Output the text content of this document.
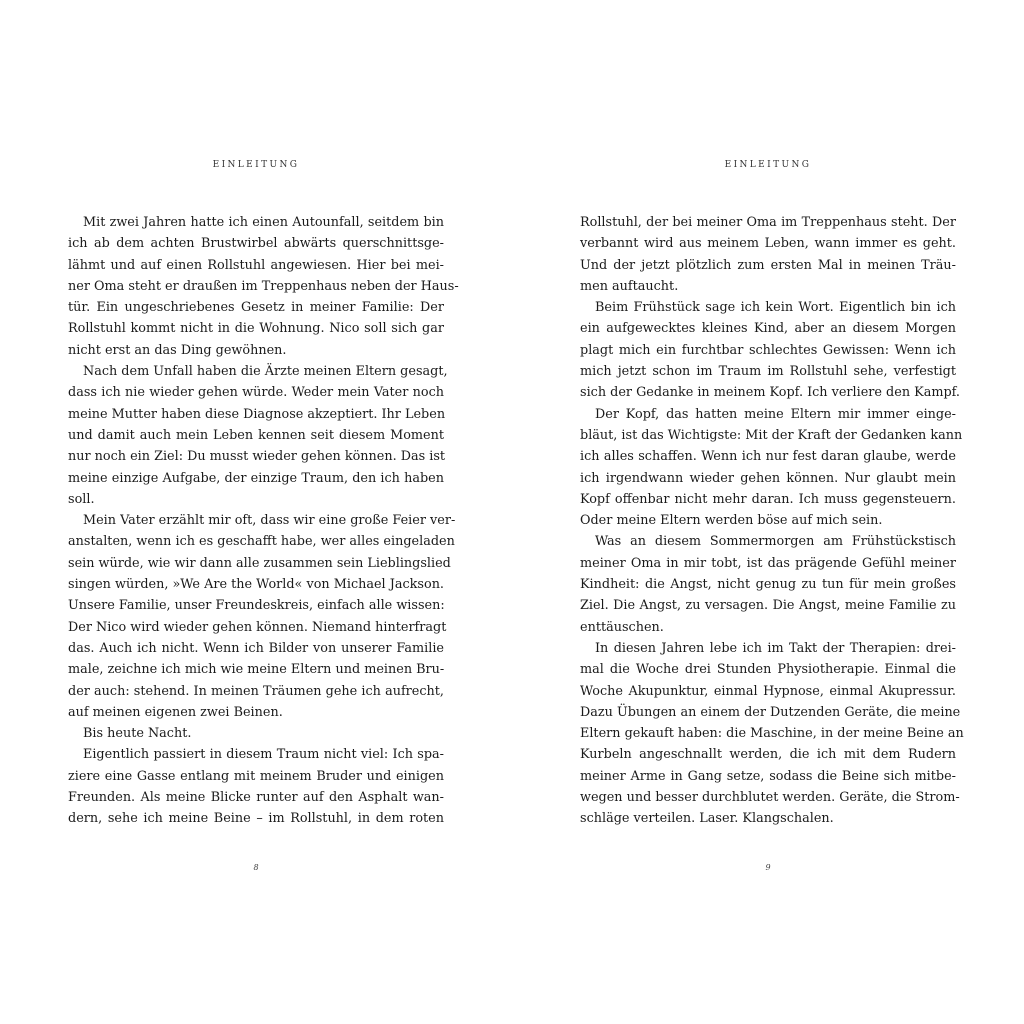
EINLEITUNG
Mit zwei Jahren hatte ich einen Autounfall, seitdem bin
ich ab dem achten Brustwirbel abwärts querschnittsge-
lähmt und auf einen Rollstuhl angewiesen. Hier bei mei-
ner Oma steht er draußen im Treppenhaus neben der Haus-
tür. Ein ungeschriebenes Gesetz in meiner Familie: Der
Rollstuhl kommt nicht in die Wohnung. Nico soll sich gar
nicht erst an das Ding gewöhnen.
Nach dem Unfall haben die Ärzte meinen Eltern gesagt,
dass ich nie wieder gehen würde. Weder mein Vater noch
meine Mutter haben diese Diagnose akzeptiert. Ihr Leben
und damit auch mein Leben kennen seit diesem Moment
nur noch ein Ziel: Du musst wieder gehen können. Das ist
meine einzige Aufgabe, der einzige Traum, den ich haben
soll.
Mein Vater erzählt mir oft, dass wir eine große Feier ver-
anstalten, wenn ich es geschafft habe, wer alles eingeladen
sein würde, wie wir dann alle zusammen sein Lieblingslied
singen würden, »We Are the World« von Michael Jackson.
Unsere Familie, unser Freundeskreis, einfach alle wissen:
Der Nico wird wieder gehen können. Niemand hinterfragt
das. Auch ich nicht. Wenn ich Bilder von unserer Familie
male, zeichne ich mich wie meine Eltern und meinen Bru-
der auch: stehend. In meinen Träumen gehe ich aufrecht,
auf meinen eigenen zwei Beinen.
Bis heute Nacht.
Eigentlich passiert in diesem Traum nicht viel: Ich spa-
ziere eine Gasse entlang mit meinem Bruder und einigen
Freunden. Als meine Blicke runter auf den Asphalt wan-
dern, sehe ich meine Beine – im Rollstuhl, in dem roten
8
EINLEITUNG
Rollstuhl, der bei meiner Oma im Treppenhaus steht. Der
verbannt wird aus meinem Leben, wann immer es geht.
Und der jetzt plötzlich zum ersten Mal in meinen Träu-
men auftaucht.
Beim Frühstück sage ich kein Wort. Eigentlich bin ich
ein aufgewecktes kleines Kind, aber an diesem Morgen
plagt mich ein furchtbar schlechtes Gewissen: Wenn ich
mich jetzt schon im Traum im Rollstuhl sehe, verfestigt
sich der Gedanke in meinem Kopf. Ich verliere den Kampf.
Der Kopf, das hatten meine Eltern mir immer einge-
bläut, ist das Wichtigste: Mit der Kraft der Gedanken kann
ich alles schaffen. Wenn ich nur fest daran glaube, werde
ich irgendwann wieder gehen können. Nur glaubt mein
Kopf offenbar nicht mehr daran. Ich muss gegensteuern.
Oder meine Eltern werden böse auf mich sein.
Was an diesem Sommermorgen am Frühstückstisch
meiner Oma in mir tobt, ist das prägende Gefühl meiner
Kindheit: die Angst, nicht genug zu tun für mein großes
Ziel. Die Angst, zu versagen. Die Angst, meine Familie zu
enttäuschen.
In diesen Jahren lebe ich im Takt der Therapien: drei-
mal die Woche drei Stunden Physiotherapie. Einmal die
Woche Akupunktur, einmal Hypnose, einmal Akupressur.
Dazu Übungen an einem der Dutzenden Geräte, die meine
Eltern gekauft haben: die Maschine, in der meine Beine an
Kurbeln angeschnallt werden, die ich mit dem Rudern
meiner Arme in Gang setze, sodass die Beine sich mitbe-
wegen und besser durchblutet werden. Geräte, die Strom-
schläge verteilen. Laser. Klangschalen.
9
